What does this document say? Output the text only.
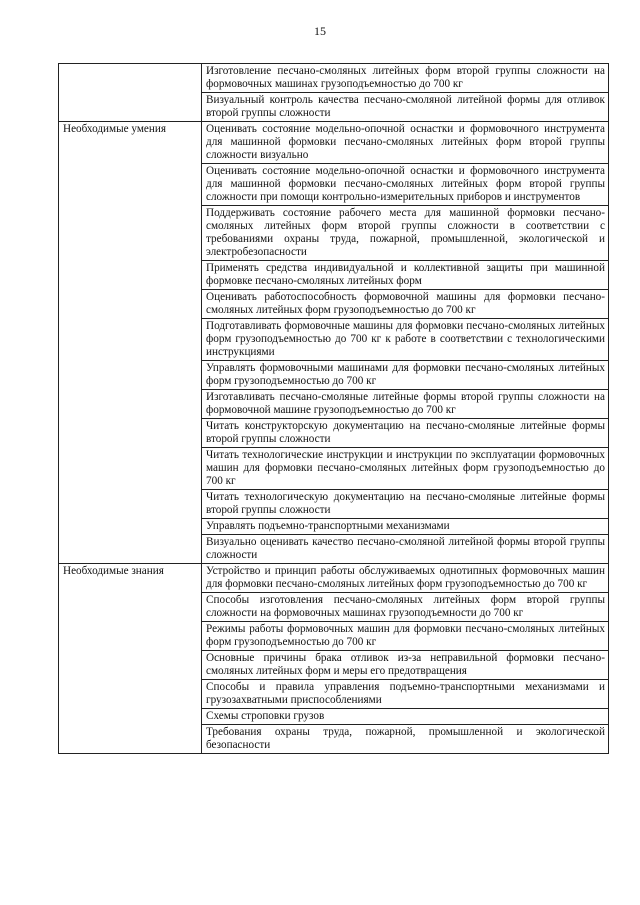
15
	Изготовление песчано-смоляных литейных форм второй группы сложности на формовочных машинах грузоподъемностью до 700 кг
	Визуальный контроль качества песчано-смоляной литейной формы для отливок второй группы сложности
Необходимые умения	Оценивать состояние модельно-опочной оснастки и формовочного инструмента для машинной формовки песчано-смоляных литейных форм второй группы сложности визуально
	Оценивать состояние модельно-опочной оснастки и формовочного инструмента для машинной формовки песчано-смоляных литейных форм второй группы сложности при помощи контрольно-измерительных приборов и инструментов
	Поддерживать состояние рабочего места для машинной формовки песчано-смоляных литейных форм второй группы сложности в соответствии с требованиями охраны труда, пожарной, промышленной, экологической и электробезопасности
	Применять средства индивидуальной и коллективной защиты при машинной формовке песчано-смоляных литейных форм
	Оценивать работоспособность формовочной машины для формовки песчано-смоляных литейных форм грузоподъемностью до 700 кг
	Подготавливать формовочные машины для формовки песчано-смоляных литейных форм грузоподъемностью до 700 кг к работе в соответствии с технологическими инструкциями
	Управлять формовочными машинами для формовки песчано-смоляных литейных форм грузоподъемностью до 700 кг
	Изготавливать песчано-смоляные литейные формы второй группы сложности на формовочной машине грузоподъемностью до 700 кг
	Читать конструкторскую документацию на песчано-смоляные литейные формы второй группы сложности
	Читать технологические инструкции и инструкции по эксплуатации формовочных машин для формовки песчано-смоляных литейных форм грузоподъемностью до 700 кг
	Читать технологическую документацию на песчано-смоляные литейные формы второй группы сложности
	Управлять подъемно-транспортными механизмами
	Визуально оценивать качество песчано-смоляной литейной формы второй группы сложности
Необходимые знания	Устройство и принцип работы обслуживаемых однотипных формовочных машин для формовки песчано-смоляных литейных форм грузоподъемностью до 700 кг
	Способы изготовления песчано-смоляных литейных форм второй группы сложности на формовочных машинах грузоподъемности до 700 кг
	Режимы работы формовочных машин для формовки песчано-смоляных литейных форм грузоподъемностью до 700 кг
	Основные причины брака отливок из-за неправильной формовки песчано-смоляных литейных форм и меры его предотвращения
	Способы и правила управления подъемно-транспортными механизмами и грузозахватными приспособлениями
	Схемы строповки грузов
	Требования охраны труда, пожарной, промышленной и экологической безопасности
